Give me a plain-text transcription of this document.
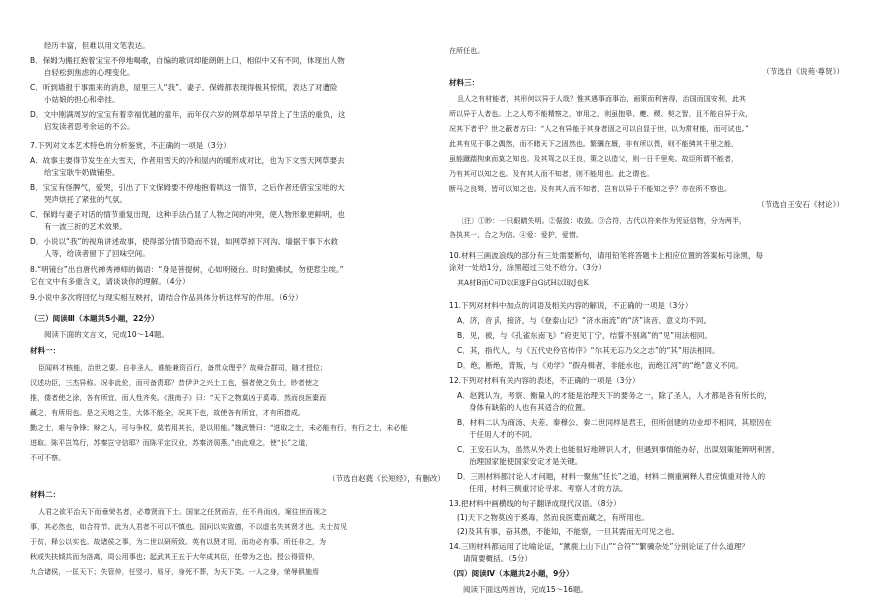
经历丰富，但难以用文笔表达。
B．保姆为搬扛抱着宝宝不停地喝歌，自编的歌词却能朗朗上口，相似中又有不同，体现出人物
自轻松到焦虑的心理变化。
C．听到墙报于事需来的消息，屋里三人“我”、妻子、保姆都表现得极其惊慌，表达了对遭险
小姑娘的担心和牵挂。
D．文中刚满周岁的宝宝有着幸福优越的童年，而年仅六岁的网草却早早背上了生活的重负，这
启发读者思考余运的不公。
7.下列对文本艺术特色的分析鉴赏，不正确的一项是（3分）
A．故事主要得节发生在大雪天，作者用雪天的冷和屋内的暖形成对比，也为下文雪天网草要去
给宝宝耿牛奶做铺垫。
B．宝宝有怪脾气，爱哭，引出了下文保姆要不停地抱着哄这一情节，之后作者还借宝宝哇的大
哭声烘托了紧张的气氛。
C．保姆与妻子对话的情节重复出现，这种手法凸显了人物之间的冲突，使人物形象更鲜明，也
有一波三折的艺术效果。
D．小说以“我”的视角讲述故事，使得部分情节隐而不显，如网草掉下河沟、墙据干事下水救
人等，给读者留下了回味空间。
8.“明镜台”出自唐代禅秀禅师的偈语：“身是菩提树，心如明镜台。时时勤拂拭，勿使惹尘埃。”
它在文中有多重含义，请谈谈你的理解。（4分）
9.小说中多次将回忆与现实相互映衬，请结合作品具体分析这样写的作用。（6分）
（三）阅读Ⅲ（本题共5小题，22分）
阅读下面的文言文，完成10～14题。
材料一：
臣闻料才核能，治世之要。自非圣人，谁能兼资百行，备贯众理乎？故舜合群司，随才授位；
汉述功臣，三杰异称。况非此伦，而可备责耶？昔伊尹之兴土工也，强者使之负土，眇者使之
推，偻者使之涂，各有所宜，而人性齐矣。《淮南子》曰：“天下之物莫凶于奚毒，然而良医橐而
藏之，有所用也。是之天地之生，大体不能全，况其下也，故使各有所宜，才有所措成。
勤之士，难与争锋；辩之人，可与争权，莫若用其长，是以用能。”魏武赞曰：“进取之士，未必能有行，有行之士，未必能
进取。陈平岂笃行，苏秦岂守信耶？而陈平定汉业，苏秦济弱燕。”由此观之，使“长”之道，
不可不察。
（节选自赵蕤《长短经》，有删改）
材料二：
人君之欲平治天下而垂荣名者，必尊贤而下士。国家之任贤而吉，任不肖而凶，案往世而视之
事，其必然也，如合符节。此为人君者不可以不慎也。国问以实致德，不以虚名失其贤才也。夫士贫见
于贫，释公以实也。故诸侯之事，为二世以研所致。英有以贤才用，而功必有事。所任非之，为
秋或失扶倾共而为洛离，周公用事也；起武其王五于大年成其臣，任带为之也。授公得管仲，
九合诸侯，一匡天下；失管仲，任竖刁、易牙，身死不葬，为天下笑。一人之身，荣辱俱施焉
在所任也。
（节选自《说苑·尊贤》）
材料三：
且人之有材能者，其形何以异于人哉？惟其遇事而事治，画策而利害得，治国而国安利，此其
所以异于人者也。上之人苟不能精察之，审用之，则虽抱皋、夔、稷、契之智，且不能自异于众，
况其下者乎？世之蔽者方曰：“人之有异能于其身者固之可以自显于世，以为常材能，而可试也。”
此其有见于事之偶然，而不睹天下之固然也。繁骥在厩，非有所以畏，则不能骋其千里之能，
虽能蹴踏拘束而莫之知也。及其驾之以王良，策之以造父，则一日千里矣。故臣所谓不能者，
乃有其可以知之也。及有其人而不知者，则不能用也。此之谓也。
断马之良驽，皆可以知之也。及有其人而不知者，岂有以异于不能知之乎？亦在所不察也。
（节选自王安石《材论》）
〔注〕①眇：一只眼睛失明。②倨敛：收敛。③合符，古代以符来作为凭证信物，分为两半，
各执其一，合之为信。④爱：爱护，爱惜。
10.材料三画波浪线的部分有三处需要断句，请用铅笔将答题卡上相应位置的答案标号涂黑，每
涂对一处给1分，涂黑超过三处不给分。（3分）
其A材B而C可D以E遂F自G试H以I取J也K
11.下列对材料中加点的词语及相关内容的解说，不正确的一项是（3分）
A．济，音 jǐ，接济，与《登泰山记》“济水南流”的“济”读音、意义均不同。
B．见，被，与《孔雀东南飞》“府吏见丁宁，结誓不别离”的“见”用法相同。
C．其，指代人，与《五代史伶官传序》“尔其无忘乃父之志”的“其”用法相同。
D．绝，断绝，背叛，与《劝学》“假舟楫者，非能水也，而绝江河”的“绝”意义不同。
12.下列对材料有关内容的表述，不正确的一项是（3分）
A．赵蕤认为，考察、衡量人的才能是治理天下的要务之一，除了圣人，人才都是各有所长的，
身体有缺陷的人也有其适合的位置。
B．材料二认为商汤、夫差、秦穆公、秦二世同样是君王，但所创建的功业却不相同，其原因在
于任用人才的不同。
C．王安石认为，虽然从外表上也能很好地辨识人才，但遇到事情能办好，出谋划策能辨明利害，
治理国家能使国家安定才是关键。
D．三则材料都讨论人才问题，材料一聚焦“任长”之道，材料二侧重阐释人君应慎重对待人的
任用，材料三侧重讨论寻求、考察人才的方法。
13.把材料中画横线的句子翻译成现代汉语。（8分）
(1)天下之物莫凶于奚毒，然而良医橐而藏之，有所用也。
(2)及其有事，奋其愚，不能知，不能察，一旦其需而无可见之也。
14.三则材料都运用了比喻论证，“薰鹿上山下山”“合符”“繁骥杂处”分别论证了什么道理？
请简要概括。（5分）
（四）阅读Ⅳ（本题共2小题，9分）
阅读下面这两首诗，完成15～16题。
